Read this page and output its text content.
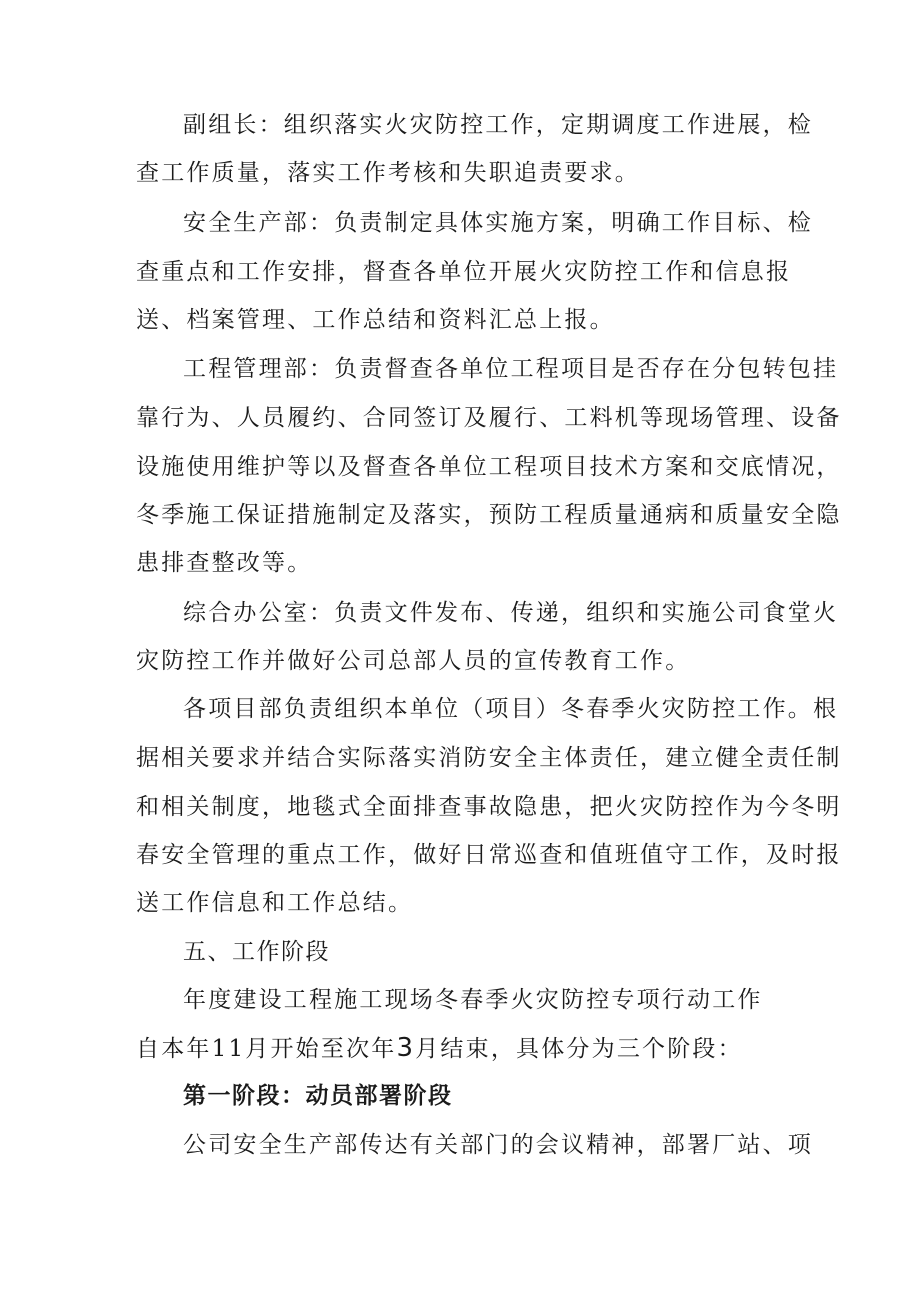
副组长：组织落实火灾防控工作，定期调度工作进展，检
查工作质量，落实工作考核和失职追责要求。
安全生产部：负责制定具体实施方案，明确工作目标、检
查重点和工作安排，督查各单位开展火灾防控工作和信息报
送、档案管理、工作总结和资料汇总上报。
工程管理部：负责督查各单位工程项目是否存在分包转包挂
靠行为、人员履约、合同签订及履行、工料机等现场管理、设备
设施使用维护等以及督查各单位工程项目技术方案和交底情况，
冬季施工保证措施制定及落实，预防工程质量通病和质量安全隐
患排查整改等。
综合办公室：负责文件发布、传递，组织和实施公司食堂火
灾防控工作并做好公司总部人员的宣传教育工作。
各项目部负责组织本单位（项目）冬春季火灾防控工作。根
据相关要求并结合实际落实消防安全主体责任，建立健全责任制
和相关制度，地毯式全面排查事故隐患，把火灾防控作为今冬明
春安全管理的重点工作，做好日常巡查和值班值守工作，及时报
送工作信息和工作总结。
五、工作阶段
年度建设工程施工现场冬春季火灾防控专项行动工作
自本年11月开始至次年3月结束，具体分为三个阶段：
第一阶段：动员部署阶段
公司安全生产部传达有关部门的会议精神，部署厂站、项
